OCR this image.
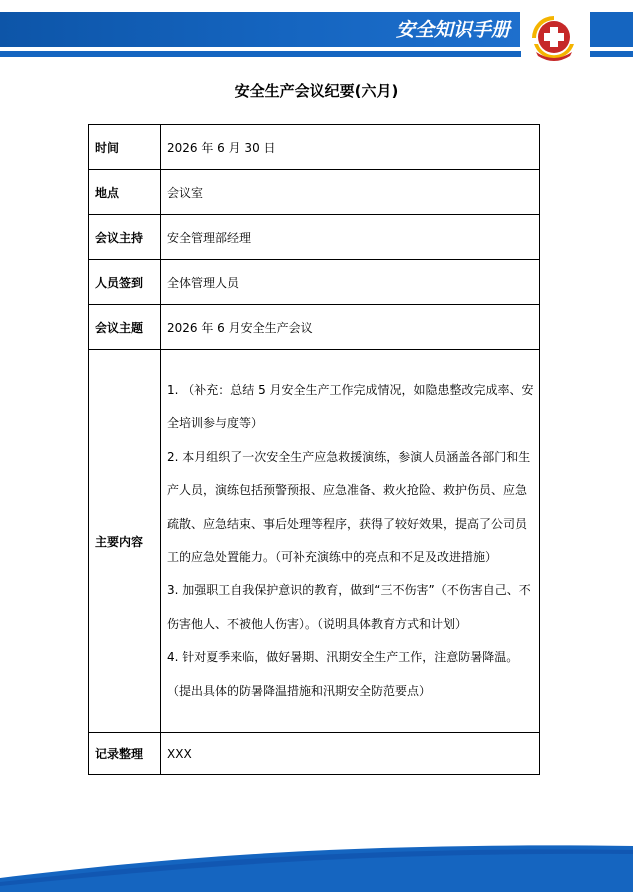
安全知识手册
安全生产会议纪要(六月)
时间	2026 年 6 月 30 日
地点	会议室
会议主持	安全管理部经理
人员签到	全体管理人员
会议主题	2026 年 6 月安全生产会议
主要内容	1. （补充：总结 5 月安全生产工作完成情况，如隐患整改完成率、安全培训参与度等）

2. 本月组织了一次安全生产应急救援演练，参演人员涵盖各部门和生产人员，演练包括预警预报、应急准备、救火抢险、救护伤员、应急疏散、应急结束、事后处理等程序，获得了较好效果，提高了公司员工的应急处置能力。（可补充演练中的亮点和不足及改进措施）

3. 加强职工自我保护意识的教育，做到“三不伤害”（不伤害自己、不伤害他人、不被他人伤害）。（说明具体教育方式和计划）

4. 针对夏季来临，做好暑期、汛期安全生产工作，注意防暑降温。（提出具体的防暑降温措施和汛期安全防范要点）

记录整理	XXX
